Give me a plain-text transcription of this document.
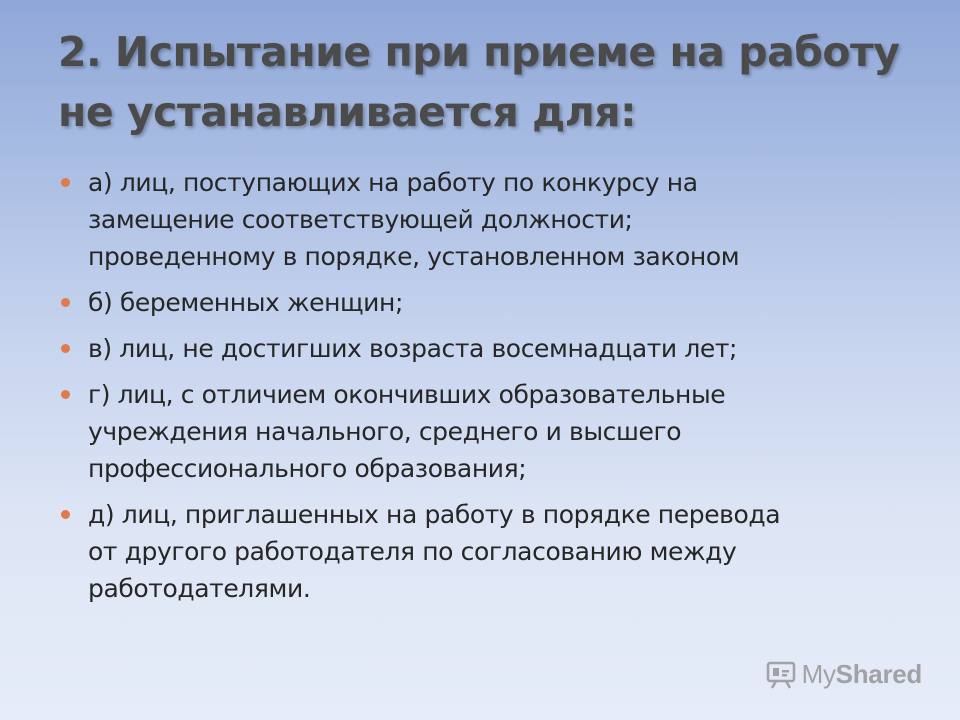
2. Испытание при приеме на работу
не устанавливается для:
а) лиц, поступающих на работу по конкурсу на
замещение соответствующей должности;
проведенному в порядке, установленном законом
б) беременных женщин;
в) лиц, не достигших возраста восемнадцати лет;
г) лиц, с отличием окончивших образовательные
учреждения начального, среднего и высшего
профессионального образования;
д) лиц, приглашенных на работу в порядке перевода
от другого работодателя по согласованию между
работодателями.
MyShared
